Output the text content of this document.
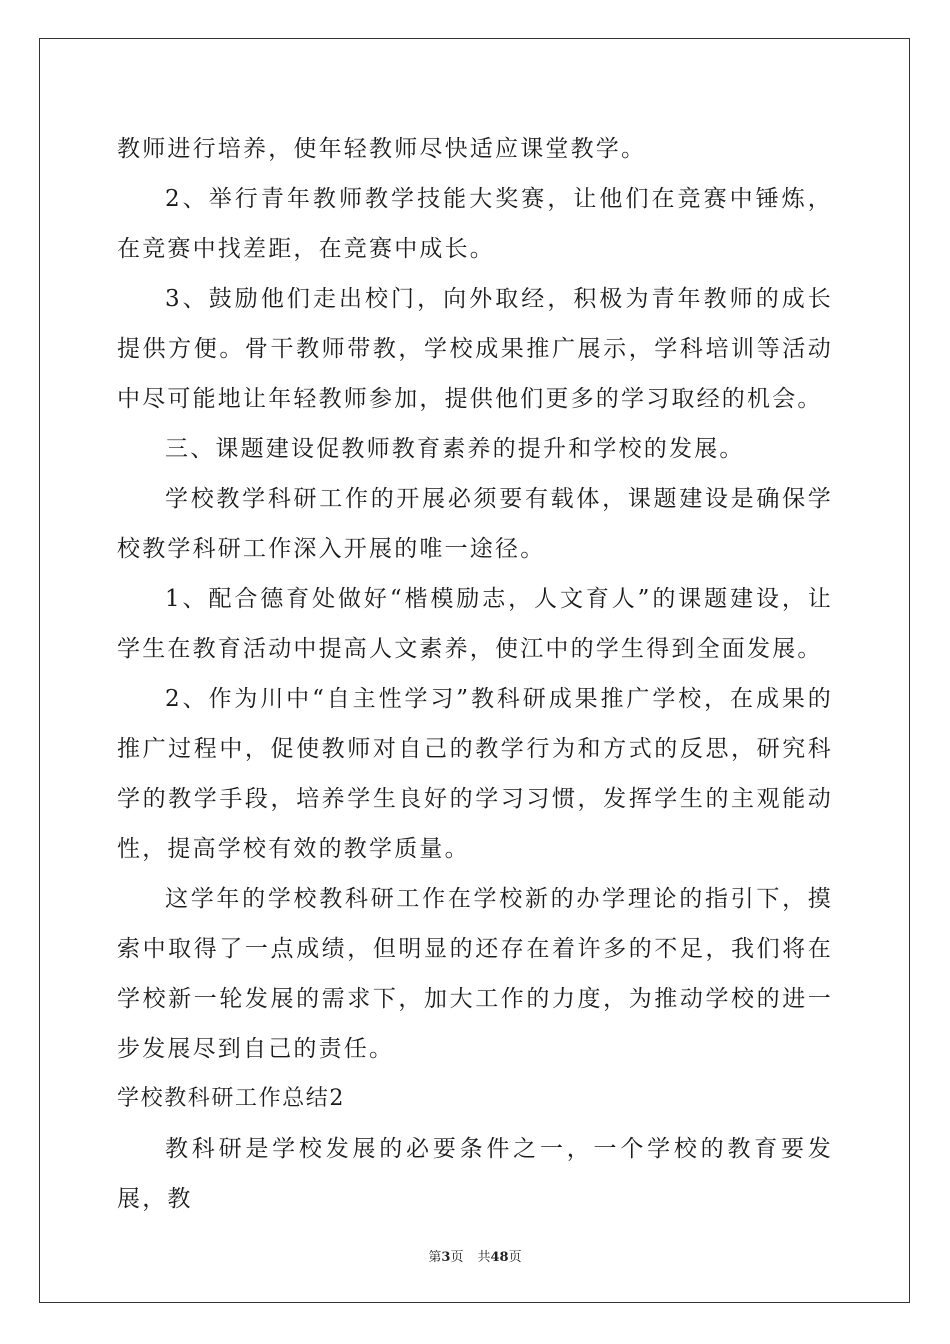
教师进行培养，使年轻教师尽快适应课堂教学。

2、举行青年教师教学技能大奖赛，让他们在竞赛中锤炼，在竞赛中找差距，在竞赛中成长。

3、鼓励他们走出校门，向外取经，积极为青年教师的成长提供方便。骨干教师带教，学校成果推广展示，学科培训等活动中尽可能地让年轻教师参加，提供他们更多的学习取经的机会。

三、课题建设促教师教育素养的提升和学校的发展。

学校教学科研工作的开展必须要有载体，课题建设是确保学校教学科研工作深入开展的唯一途径。

1、配合德育处做好“楷模励志，人文育人”的课题建设，让学生在教育活动中提高人文素养，使江中的学生得到全面发展。

2、作为川中“自主性学习”教科研成果推广学校，在成果的推广过程中，促使教师对自己的教学行为和方式的反思，研究科学的教学手段，培养学生良好的学习习惯，发挥学生的主观能动性，提高学校有效的教学质量。

这学年的学校教科研工作在学校新的办学理论的指引下，摸索中取得了一点成绩，但明显的还存在着许多的不足，我们将在学校新一轮发展的需求下，加大工作的力度，为推动学校的进一步发展尽到自己的责任。

学校教科研工作总结2

教科研是学校发展的必要条件之一，一个学校的教育要发展，教

第3页 共48页
